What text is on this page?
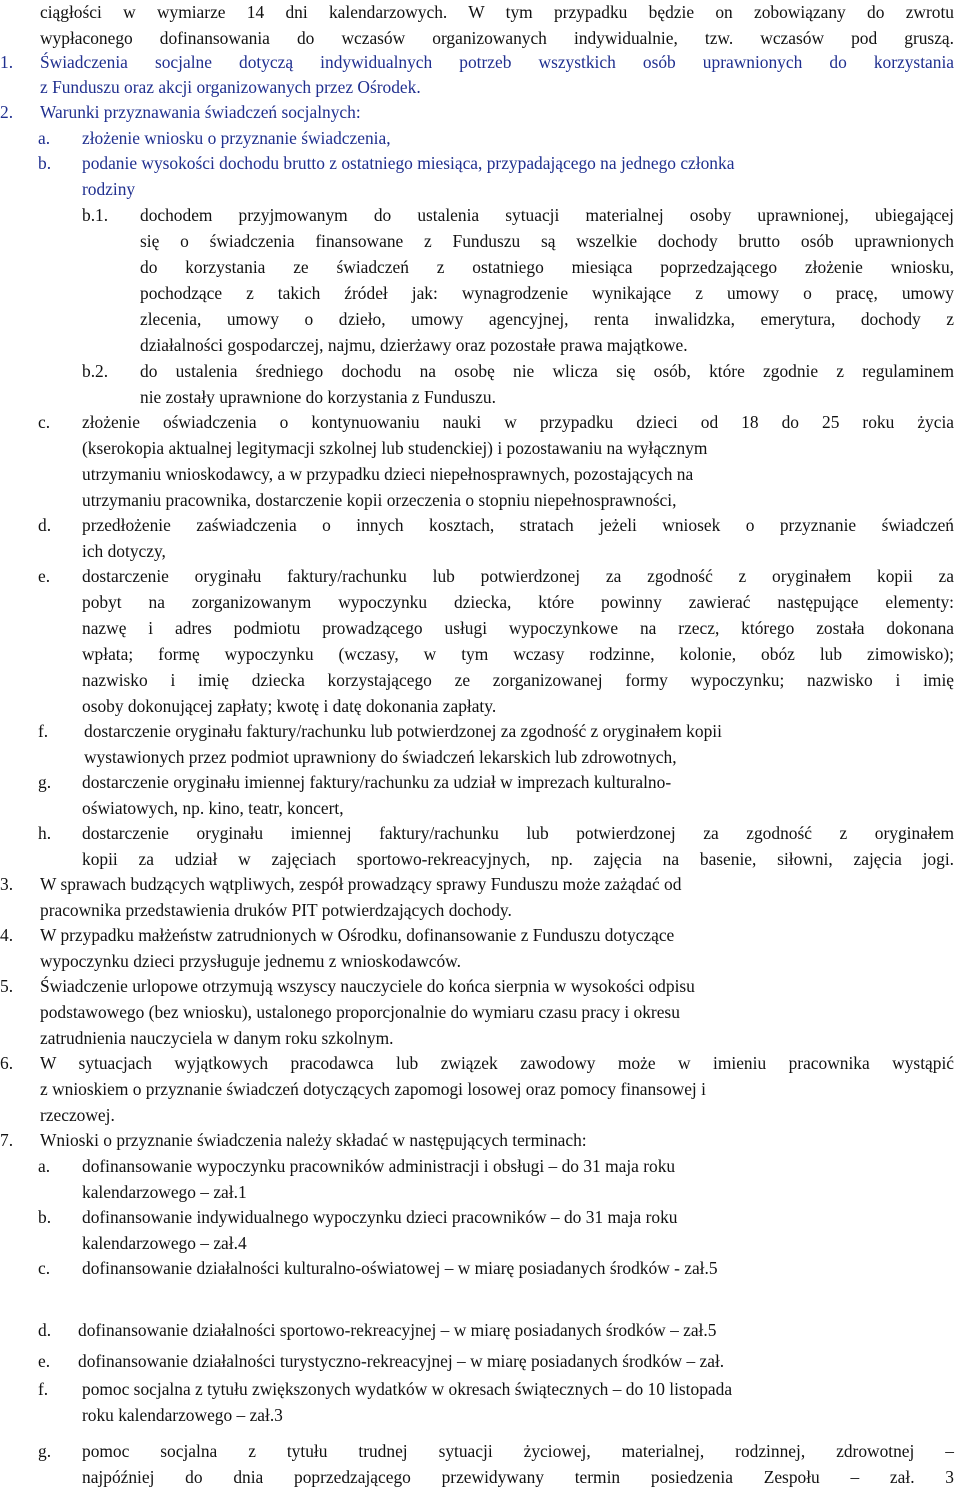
ciągłości w wymiarze 14 dni kalendarzowych. W tym przypadku będzie on zobowiązany do zwrotu
wypłaconego dofinansowania do wczasów organizowanych indywidualnie, tzw. wczasów pod gruszą.
1. Świadczenia socjalne dotyczą indywidualnych potrzeb wszystkich osób uprawnionych do korzystania
z Funduszu oraz akcji organizowanych przez Ośrodek.
2. Warunki przyznawania świadczeń socjalnych:
a. złożenie wniosku o przyznanie świadczenia,
b. podanie wysokości dochodu brutto z ostatniego miesiąca, przypadającego na jednego członka
rodziny
b.1. dochodem przyjmowanym do ustalenia sytuacji materialnej osoby uprawnionej, ubiegającej
się o świadczenia finansowane z Funduszu są wszelkie dochody brutto osób uprawnionych
do korzystania ze świadczeń z ostatniego miesiąca poprzedzającego złożenie wniosku,
pochodzące z takich źródeł jak: wynagrodzenie wynikające z umowy o pracę, umowy
zlecenia, umowy o dzieło, umowy agencyjnej, renta inwalidzka, emerytura, dochody z
działalności gospodarczej, najmu, dzierżawy oraz pozostałe prawa majątkowe.
b.2. do ustalenia średniego dochodu na osobę nie wlicza się osób, które zgodnie z regulaminem
nie zostały uprawnione do korzystania z Funduszu.
c. złożenie oświadczenia o kontynuowaniu nauki w przypadku dzieci od 18 do 25 roku życia
(kserokopia aktualnej legitymacji szkolnej lub studenckiej) i pozostawaniu na wyłącznym
utrzymaniu wnioskodawcy, a w przypadku dzieci niepełnosprawnych, pozostających na
utrzymaniu pracownika, dostarczenie kopii orzeczenia o stopniu niepełnosprawności,
d. przedłożenie zaświadczenia o innych kosztach, stratach jeżeli wniosek o przyznanie świadczeń
ich dotyczy,
e. dostarczenie oryginału faktury/rachunku lub potwierdzonej za zgodność z oryginałem kopii za
pobyt na zorganizowanym wypoczynku dziecka, które powinny zawierać następujące elementy:
nazwę i adres podmiotu prowadzącego usługi wypoczynkowe na rzecz, którego została dokonana
wpłata; formę wypoczynku (wczasy, w tym wczasy rodzinne, kolonie, obóz lub zimowisko);
nazwisko i imię dziecka korzystającego ze zorganizowanej formy wypoczynku; nazwisko i imię
osoby dokonującej zapłaty; kwotę i datę dokonania zapłaty.
f. dostarczenie oryginału faktury/rachunku lub potwierdzonej za zgodność z oryginałem kopii
wystawionych przez podmiot uprawniony do świadczeń lekarskich lub zdrowotnych,
g. dostarczenie oryginału imiennej faktury/rachunku za udział w imprezach kulturalno-
oświatowych, np. kino, teatr, koncert,
h. dostarczenie oryginału imiennej faktury/rachunku lub potwierdzonej za zgodność z oryginałem
kopii za udział w zajęciach sportowo-rekreacyjnych, np. zajęcia na basenie, siłowni, zajęcia jogi.
3. W sprawach budzących wątpliwych, zespół prowadzący sprawy Funduszu może zażądać od
pracownika przedstawienia druków PIT potwierdzających dochody.
4. W przypadku małżeństw zatrudnionych w Ośrodku, dofinansowanie z Funduszu dotyczące
wypoczynku dzieci przysługuje jednemu z wnioskodawców.
5. Świadczenie urlopowe otrzymują wszyscy nauczyciele do końca sierpnia w wysokości odpisu
podstawowego (bez wniosku), ustalonego proporcjonalnie do wymiaru czasu pracy i okresu
zatrudnienia nauczyciela w danym roku szkolnym.
6. W sytuacjach wyjątkowych pracodawca lub związek zawodowy może w imieniu pracownika wystąpić
z wnioskiem o przyznanie świadczeń dotyczących zapomogi losowej oraz pomocy finansowej i
rzeczowej.
7. Wnioski o przyznanie świadczenia należy składać w następujących terminach:
a. dofinansowanie wypoczynku pracowników administracji i obsługi – do 31 maja roku
kalendarzowego – zał.1
b. dofinansowanie indywidualnego wypoczynku dzieci pracowników – do 31 maja roku
kalendarzowego – zał.4
c. dofinansowanie działalności kulturalno-oświatowej – w miarę posiadanych środków - zał.5
d. dofinansowanie działalności sportowo-rekreacyjnej – w miarę posiadanych środków – zał.5
e. dofinansowanie działalności turystyczno-rekreacyjnej – w miarę posiadanych środków – zał.
f. pomoc socjalna z tytułu zwiększonych wydatków w okresach świątecznych – do 10 listopada
roku kalendarzowego – zał.3
g. pomoc socjalna z tytułu trudnej sytuacji życiowej, materialnej, rodzinnej, zdrowotnej –
najpóźniej do dnia poprzedzającego przewidywany termin posiedzenia Zespołu – zał. 3
